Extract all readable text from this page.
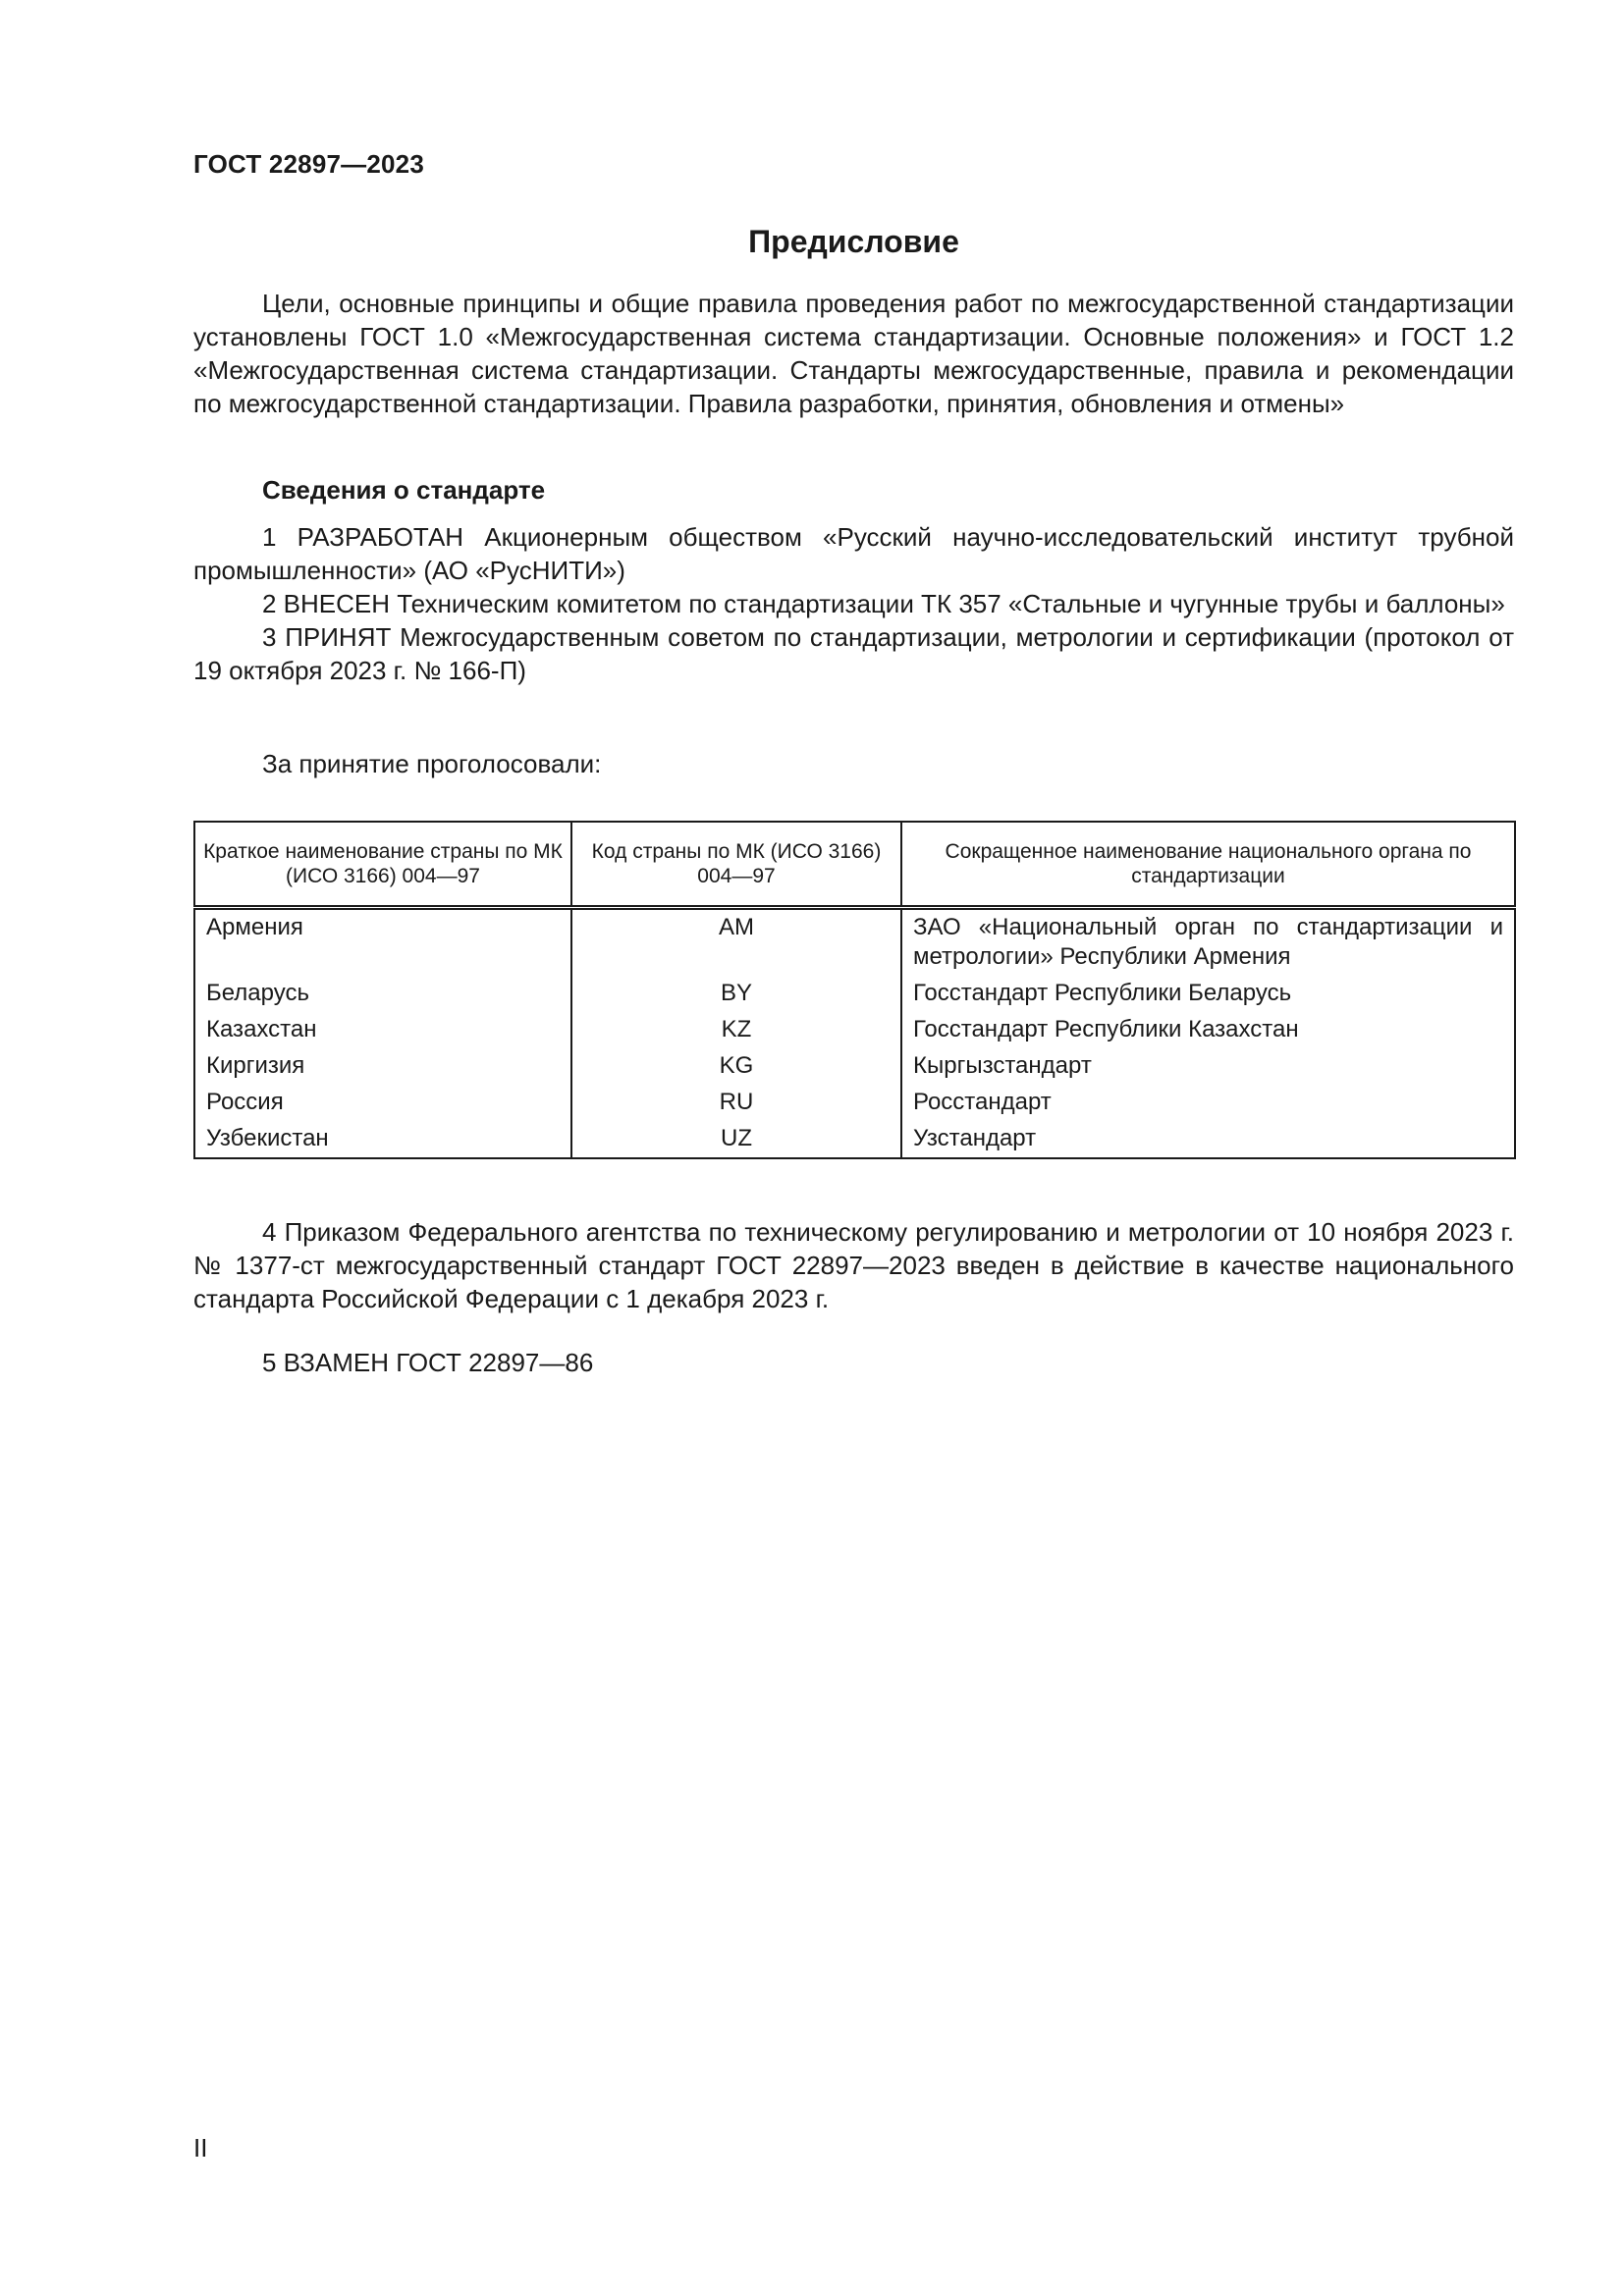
ГОСТ 22897—2023
Предисловие
Цели, основные принципы и общие правила проведения работ по межгосударственной стандартизации установлены ГОСТ 1.0 «Межгосударственная система стандартизации. Основные положения» и ГОСТ 1.2 «Межгосударственная система стандартизации. Стандарты межгосударственные, правила и рекомендации по межгосударственной стандартизации. Правила разработки, принятия, обновления и отмены»
Сведения о стандарте

1 РАЗРАБОТАН Акционерным обществом «Русский научно-исследовательский институт трубной промышленности» (АО «РусНИТИ»)

2 ВНЕСЕН Техническим комитетом по стандартизации ТК 357 «Стальные и чугунные трубы и баллоны»

3 ПРИНЯТ Межгосударственным советом по стандартизации, метрологии и сертификации (протокол от 19 октября 2023 г. № 166-П)

За принятие проголосовали:
Краткое наименование страны по МК (ИСО 3166) 004—97	Код страны по МК (ИСО 3166) 004—97	Сокращенное наименование национального органа по стандартизации
Армения	AM	ЗАО «Национальный орган по стандартизации и метрологии» Республики Армения
Беларусь	BY	Госстандарт Республики Беларусь
Казахстан	KZ	Госстандарт Республики Казахстан
Киргизия	KG	Кыргызстандарт
Россия	RU	Росстандарт
Узбекистан	UZ	Узстандарт

4 Приказом Федерального агентства по техническому регулированию и метрологии от 10 ноября 2023 г. № 1377-ст межгосударственный стандарт ГОСТ 22897—2023 введен в действие в качестве национального стандарта Российской Федерации с 1 декабря 2023 г.

5 ВЗАМЕН ГОСТ 22897—86
II
